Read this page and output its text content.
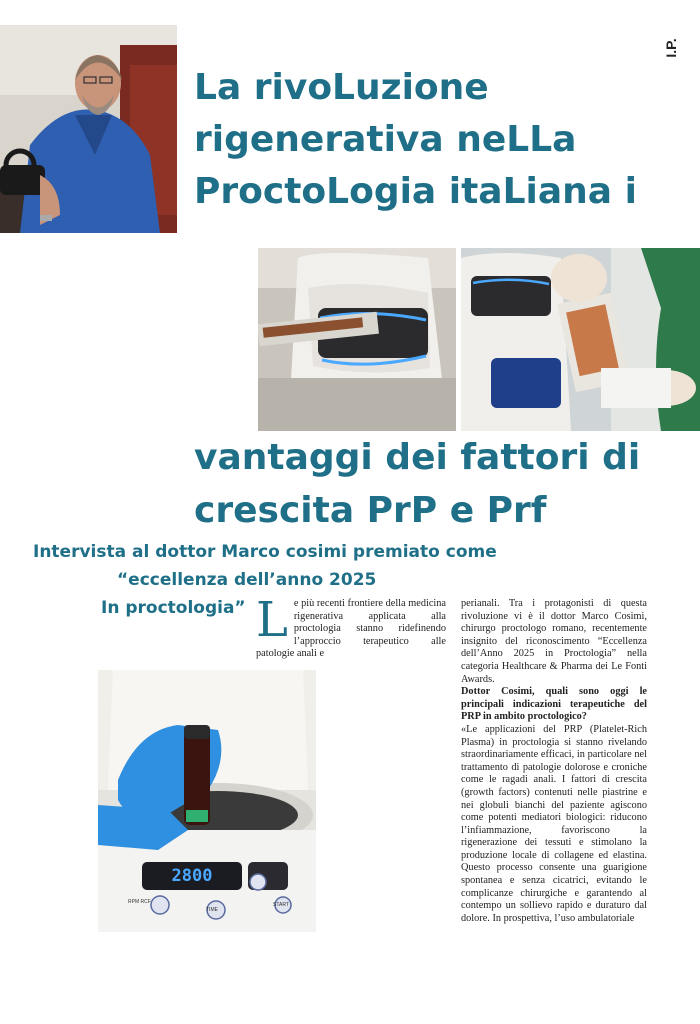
I.P.
La rivoLuzione
rigenerativa neLLa
ProctoLogia itaLiana i
vantaggi dei fattori di
crescita PrP e Prf
Intervista al dottor Marco cosimi premiato come
“eccellenza dell’anno 2025
In proctologia” L e più recenti frontiere della medicina rigenerativa applicata alla proctologia stanno ridefinendo l’approccio terapeutico alle patologie anali e

perianali. Tra i protagonisti di questa rivoluzione vi è il dottor Marco Cosimi, chirurgo proctologo romano, recentemente insignito del riconoscimento “Eccellenza dell’Anno 2025 in Proctologia” nella categoria Healthcare & Pharma dei Le Fonti Awards.

Dottor Cosimi, quali sono oggi le principali indicazioni terapeutiche del PRP in ambito proctologico?

«Le applicazioni del PRP (Platelet-Rich Plasma) in proctologia si stanno rivelando straordinariamente efficaci, in particolare nel trattamento di patologie dolorose e croniche come le ragadi anali. I fattori di crescita (growth factors) contenuti nelle piastrine e nei globuli bianchi del paziente agiscono come potenti mediatori biologici: riducono l’infiammazione, favoriscono la rigenerazione dei tessuti e stimolano la produzione locale di collagene ed elastina. Questo processo consente una guarigione spontanea e senza cicatrici, evitando le complicanze chirurgiche e garantendo al contempo un sollievo rapido e duraturo dal dolore. In prospettiva, l’uso ambulatoriale

2800
RPM RCF
TIME
START
